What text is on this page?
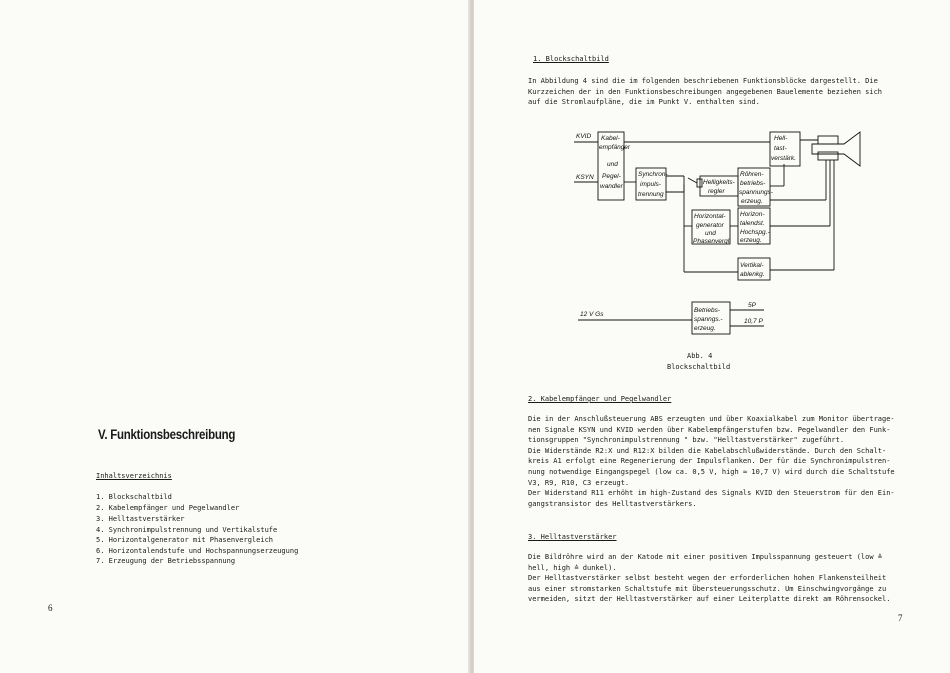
V. Funktionsbeschreibung
Inhaltsverzeichnis
1. Blockschaltbild
2. Kabelempfänger und Pegelwandler
3. Helltastverstärker
4. Synchronimpulstrennung und Vertikalstufe
5. Horizontalgenerator mit Phasenvergleich
6. Horizontalendstufe und Hochspannungserzeugung
7. Erzeugung der Betriebsspannung
6
1. Blockschaltbild
In Abbildung 4 sind die im folgenden beschriebenen Funktionsblöcke dargestellt. Die
Kurzzeichen der in den Funktionsbeschreibungen angegebenen Bauelemente beziehen sich
auf die Stromlaufpläne, die im Punkt V. enthalten sind.
Kabel-
empfänger
und
Pegel-
wandler
KVID
KSYN	Synchron-
impuls-
trennung
Helligkeits-
regler
Röhren-
betriebs-
spannungs-
erzeug.
Hell-
tast-
verstärk.
Horizontal-
generator
und
Phasenvergl.
Horizon-
talendst.
Hochspg.-
erzeug.
Vertikal-
ablenkg.
12 V Gs
Betriebs-
spanngs.-
erzeug.
5P
10,7 P
Abb. 4
Blockschaltbild
2. Kabelempfänger und Pegelwandler
Die in der Anschlußsteuerung ABS erzeugten und über Koaxialkabel zum Monitor übertrage-
nen Signale KSYN und KVID werden über Kabelempfängerstufen bzw. Pegelwandler den Funk-
tionsgruppen "Synchronimpulstrennung " bzw. "Helltastverstärker" zugeführt.
Die Widerstände R2:X und R12:X bilden die Kabelabschlußwiderstände. Durch den Schalt-
kreis A1 erfolgt eine Regenerierung der Impulsflanken. Der für die Synchronimpulstren-
nung notwendige Eingangspegel (low ca. 0,5 V, high ≈ 10,7 V) wird durch die Schaltstufe
V3, R9, R10, C3 erzeugt.
Der Widerstand R11 erhöht im high-Zustand des Signals KVID den Steuerstrom für den Ein-
gangstransistor des Helltastverstärkers.
3. Helltastverstärker
Die Bildröhre wird an der Katode mit einer positiven Impulsspannung gesteuert (low ≙
hell, high ≙ dunkel).
Der Helltastverstärker selbst besteht wegen der erforderlichen hohen Flankensteilheit
aus einer stromstarken Schaltstufe mit Übersteuerungsschutz. Um Einschwingvorgänge zu
vermeiden, sitzt der Helltastverstärker auf einer Leiterplatte direkt am Röhrensockel.
7
